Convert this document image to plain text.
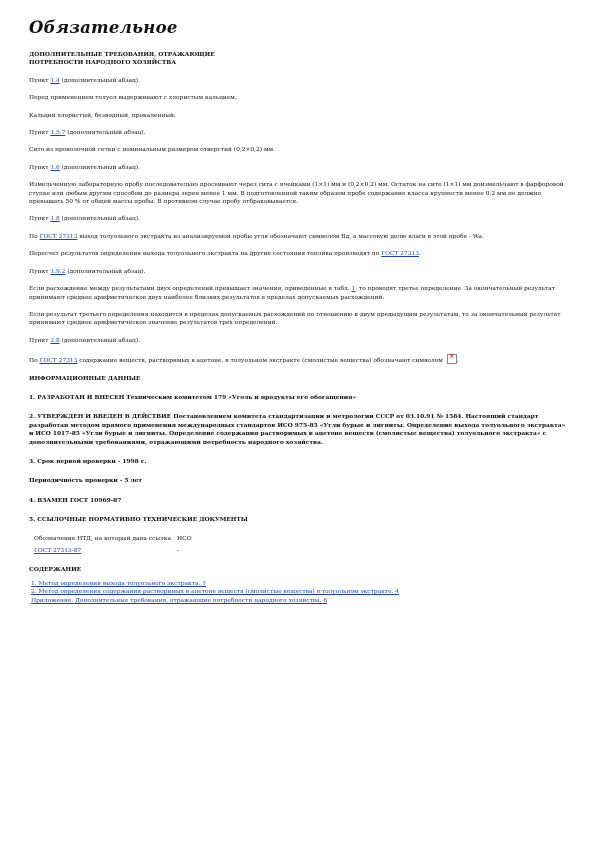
Обязательное

ДОПОЛНИТЕЛЬНЫЕ ТРЕБОВАНИЯ, ОТРАЖАЮЩИЕ

ПОТРЕБНОСТИ НАРОДНОГО ХОЗЯЙСТВА

Пункт 1.4 (дополнительный абзац).

Перед применением толуол выдерживают с хлористым кальцием.

Кальций хлористый, безводный, прокаленный.

Пункт 1.5.7 (дополнительный абзац).

Сито из проволочной сетки с номинальным размером отверстий (0,2×0,2) мм.

Пункт 1.6 (дополнительный абзац).

Измельченную лабораторную пробу последовательно просеивают через сита с ячейками (1×1) мм и (0,2×0,2) мм. Остаток на сите (1×1) мм доизмельчают в фарфоровой ступке или любым другим способом до размера зерен менее 1 мм. В подготовленной таким образом пробе содержание класса крупности менее 0,2 мм не должно превышать 50 % от общей массы пробы. В противном случае пробу отбраковывается.

Пункт 1.8 (дополнительный абзац).

По ГОСТ 27313 выход толуольного экстракта из анализируемой пробы угля обозначают символом Вд, а массовую долю влаги в этой пробе - Wa.

Пересчет результатов определения выхода толуольного экстракта на другие состояния топлива производят по ГОСТ 27313.

Пункт 1.9.2 (дополнительный абзац).

Если расхождение между результатами двух определений превышает значения, приведенные в табл. 1, то проводят третье определение. За окончательный результат принимают среднее арифметическое двух наиболее близких результатов в пределах допускаемых расхождений.

Если результат третьего определения находится в пределах допускаемых расхождений по отношению к двум предыдущим результатам, то за окончательный результат принимают среднее арифметическое значение результатов трех определений.

Пункт 2.8 (дополнительный абзац).

По ГОСТ 27313 содержание веществ, растворимых в ацетоне, в толуольном экстракте (смолистые вещества) обозначают символом ×.

ИНФОРМАЦИОННЫЕ ДАННЫЕ

1. РАЗРАБОТАН И ВНЕСЕН Техническим комитетом 179 «Уголь и продукты его обогащения»

2. УТВЕРЖДЕН И ВВЕДЕН В ДЕЙСТВИЕ Постановлением комитета стандартизации и метрологии СССР от 03.10.91 № 1584. Настоящий стандарт разработан методом прямого применения международных стандартов ИСО 975-85 «Угли бурые и лигниты. Определение выхода толуольного экстракта» и ИСО 1017-85 «Угли бурые и лигниты. Определение содержания растворимых в ацетоне веществ (смолистые вещества) толуольного экстракта» с дополнительными требованиями, отражающими потребность народного хозяйства.

3. Срок первой проверки - 1998 г.

Периодичность проверки - 5 лет

4. ВЗАМЕН ГОСТ 10969-87

5. ССЫЛОЧНЫЕ НОРМАТИВНО ТЕХНИЧЕСКИЕ ДОКУМЕНТЫ

Обозначение НТД, на который дана ссылка	ИСО
ГОСТ 27313-87	-

СОДЕРЖАНИЕ

1. Метод определения выхода толуольного экстракта. 1
2. Метод определения содержания растворимых в ацетоне веществ (смолистые вещества) в толуольном экстракте. 4
Приложение. Дополнительные требования, отражающие потребности народного хозяйства. 6
